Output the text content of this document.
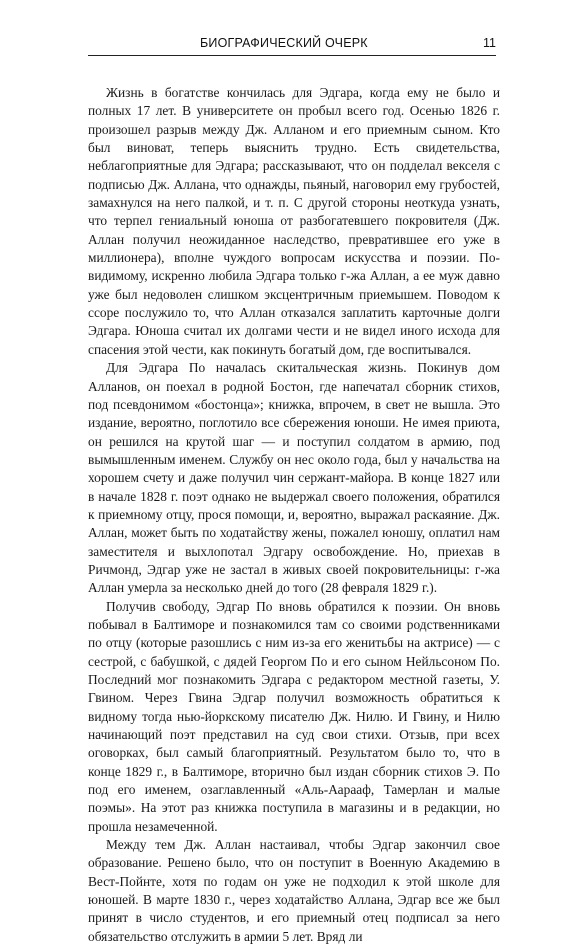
БИОГРАФИЧЕСКИЙ ОЧЕРК	11

Жизнь в богатстве кончилась для Эдгара, когда ему не было и полных 17 лет. В университете он пробыл всего год. Осенью 1826 г. произошел разрыв между Дж. Алланом и его приемным сыном. Кто был виноват, теперь выяснить трудно. Есть свидетельства, неблагоприятные для Эдгара; рассказывают, что он подделал векселя с подписью Дж. Аллана, что однажды, пьяный, наговорил ему грубостей, замахнулся на него палкой, и т. п. С другой стороны неоткуда узнать, что терпел гениальный юноша от разбогатевшего покровителя (Дж. Аллан получил неожиданное наследство, превратившее его уже в миллионера), вполне чуждого вопросам искусства и поэзии. По-видимому, искренно любила Эдгара только г-жа Аллан, а ее муж давно уже был недоволен слишком эксцентричным приемышем. Поводом к ссоре послужило то, что Аллан отказался заплатить карточные долги Эдгара. Юноша считал их долгами чести и не видел иного исхода для спасения этой чести, как покинуть богатый дом, где воспитывался.

Для Эдгара По началась скитальческая жизнь. Покинув дом Алланов, он поехал в родной Бостон, где напечатал сборник стихов, под псевдонимом «бостонца»; книжка, впрочем, в свет не вышла. Это издание, вероятно, поглотило все сбережения юноши. Не имея приюта, он решился на крутой шаг — и поступил солдатом в армию, под вымышленным именем. Службу он нес около года, был у начальства на хорошем счету и даже получил чин сержант-майора. В конце 1827 или в начале 1828 г. поэт однако не выдержал своего положения, обратился к приемному отцу, прося помощи, и, вероятно, выражал раскаяние. Дж. Аллан, может быть по ходатайству жены, пожалел юношу, оплатил нам заместителя и выхлопотал Эдгару освобождение. Но, приехав в Ричмонд, Эдгар уже не застал в живых своей покровительницы: г-жа Аллан умерла за несколько дней до того (28 февраля 1829 г.).

Получив свободу, Эдгар По вновь обратился к поэзии. Он вновь побывал в Балтиморе и познакомился там со своими родственниками по отцу (которые разошлись с ним из-за его женитьбы на актрисе) — с сестрой, с бабушкой, с дядей Георгом По и его сыном Нейльсоном По. Последний мог познакомить Эдгара с редактором местной газеты, У. Гвином. Через Гвина Эдгар получил возможность обратиться к видному тогда нью-йоркскому писателю Дж. Нилю. И Гвину, и Нилю начинающий поэт представил на суд свои стихи. Отзыв, при всех оговорках, был самый благоприятный. Результатом было то, что в конце 1829 г., в Балтиморе, вторично был издан сборник стихов Э. По под его именем, озаглавленный «Аль-Аарааф, Тамерлан и малые поэмы». На этот раз книжка поступила в магазины и в редакции, но прошла незамеченной.

Между тем Дж. Аллан настаивал, чтобы Эдгар закончил свое образование. Решено было, что он поступит в Военную Академию в Вест-Пойнте, хотя по годам он уже не подходил к этой школе для юношей. В марте 1830 г., через ходатайство Аллана, Эдгар все же был принят в число студентов, и его приемный отец подписал за него обязательство отслужить в армии 5 лет. Вряд ли
